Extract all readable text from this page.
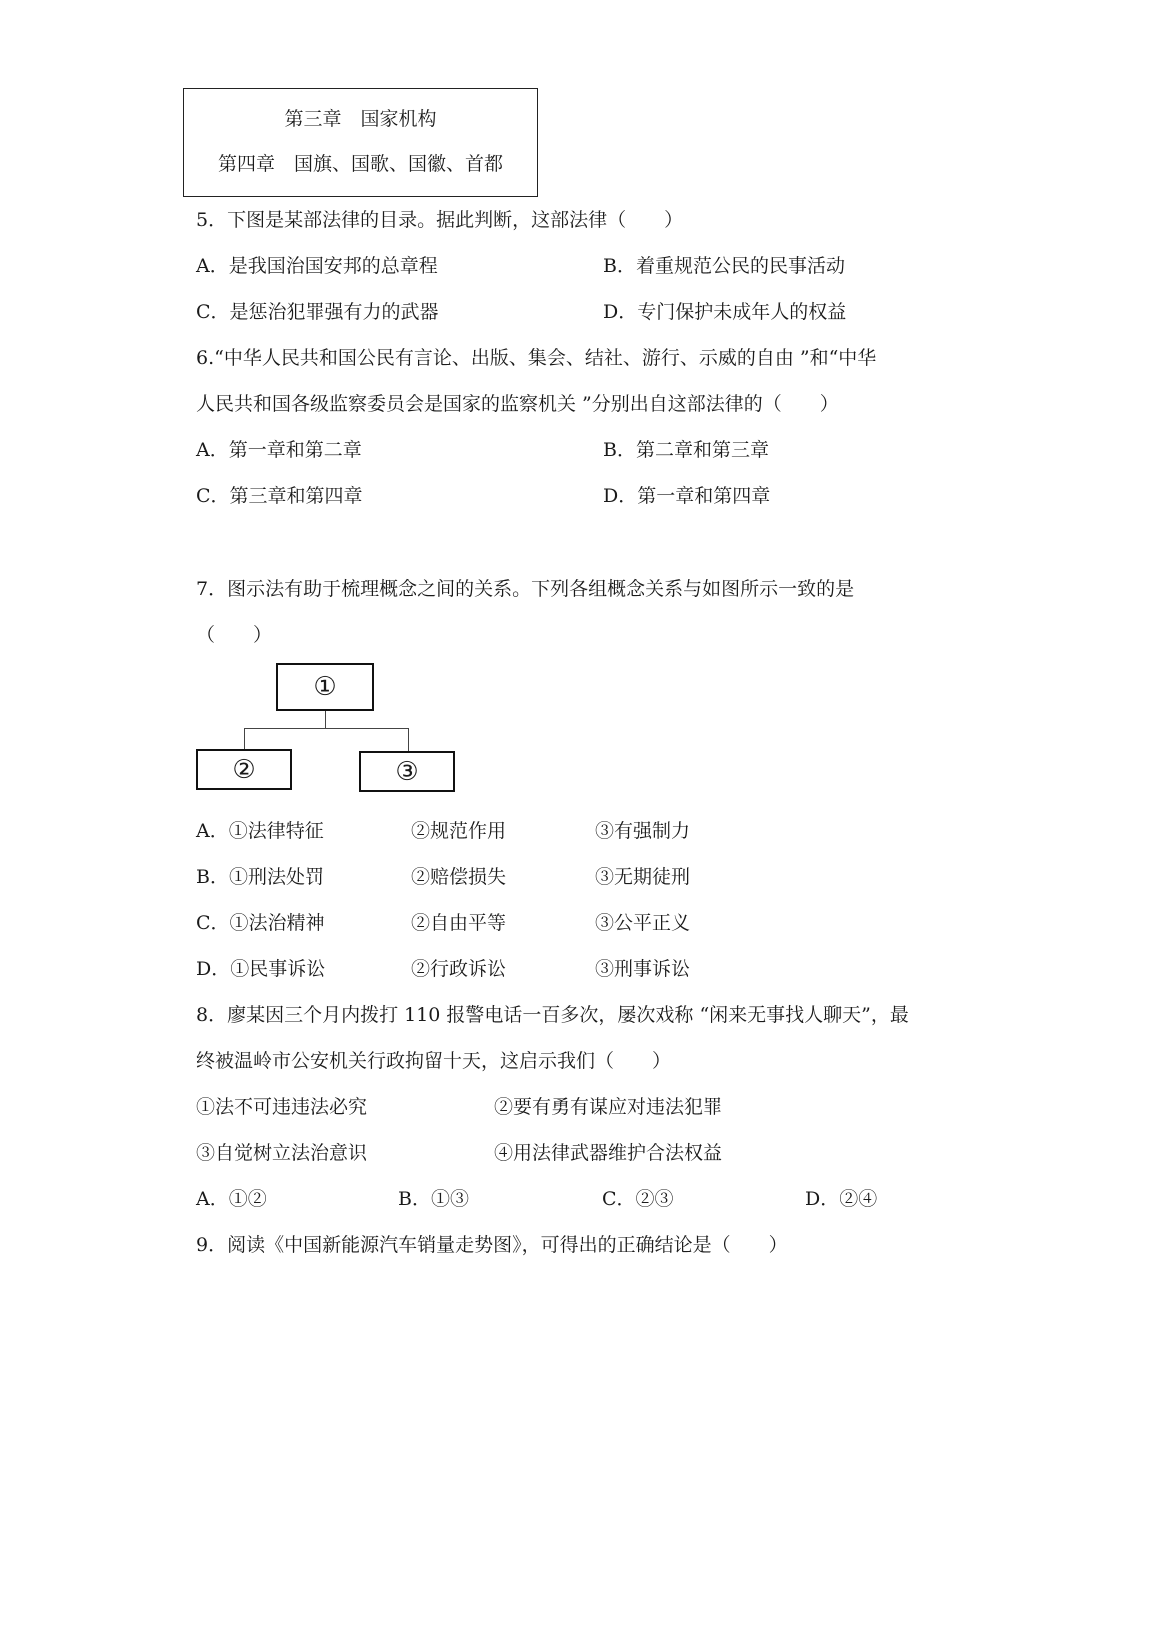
第三章　国家机构
第四章　国旗、国歌、国徽、首都
5．下图是某部法律的目录。据此判断，这部法律（　　）
A．是我国治国安邦的总章程	B．着重规范公民的民事活动
C．是惩治犯罪强有力的武器	D．专门保护未成年人的权益
6.“中华人民共和国公民有言论、出版、集会、结社、游行、示威的自由 ”和“中华
人民共和国各级监察委员会是国家的监察机关 ”分别出自这部法律的（　　）
A．第一章和第二章	B．第二章和第三章
C．第三章和第四章	D．第一章和第四章
7．图示法有助于梳理概念之间的关系。下列各组概念关系与如图所示一致的是
（　　）
①
②	③
A．①法律特征	②规范作用	③有强制力
B．①刑法处罚	②赔偿损失	③无期徒刑
C．①法治精神	②自由平等	③公平正义
D．①民事诉讼	②行政诉讼	③刑事诉讼
8．廖某因三个月内拨打 110 报警电话一百多次，屡次戏称 “闲来无事找人聊天”，最
终被温岭市公安机关行政拘留十天，这启示我们（　　）
①法不可违违法必究	②要有勇有谋应对违法犯罪
③自觉树立法治意识	④用法律武器维护合法权益
A．①②	B．①③	C．②③	D．②④
9．阅读《中国新能源汽车销量走势图》，可得出的正确结论是（　　）
